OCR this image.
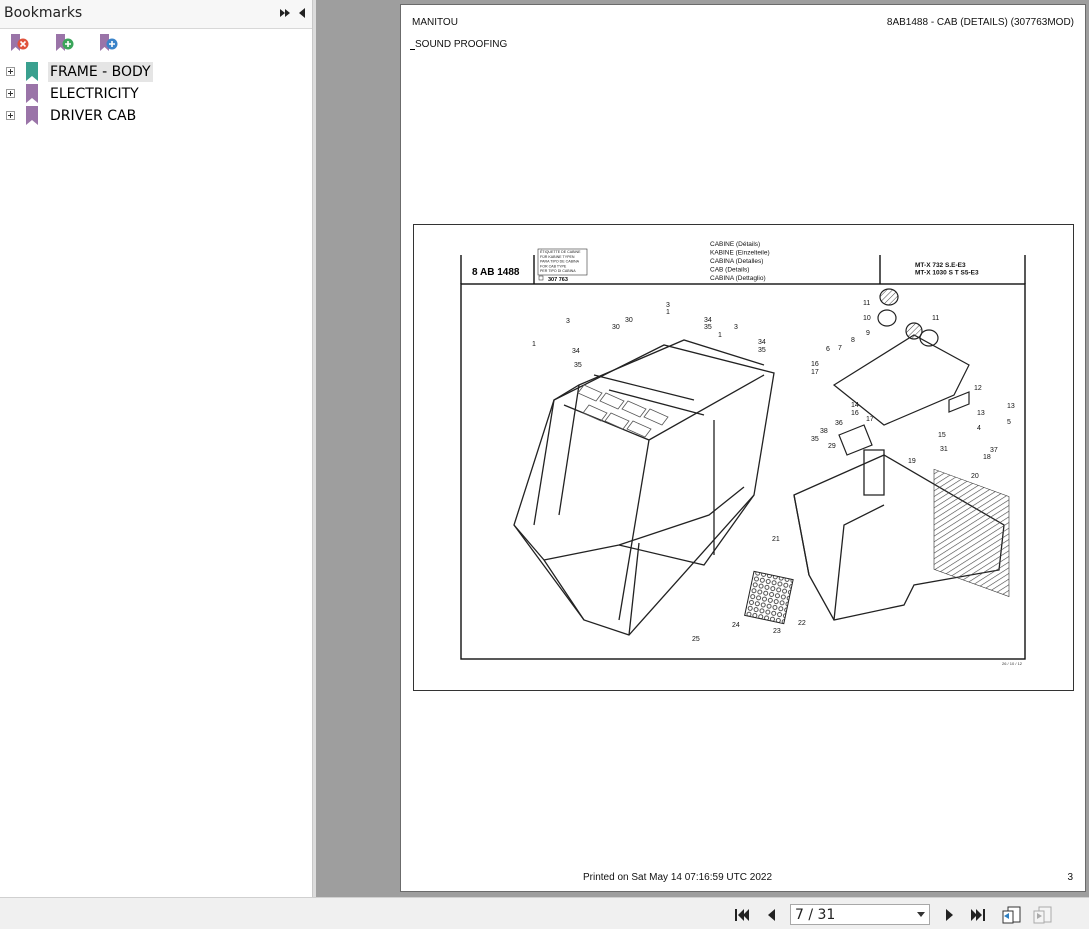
Bookmarks
FRAME - BODY
ELECTRICITY
DRIVER CAB
MANITOU	8AB1488 - CAB (DETAILS) (307763MOD)
SOUND PROOFING
8 AB 1488
ÉTIQUETTE DE CABINE
FÜR KABINE TYPEN
PARA TIPO DE CABINA
FOR CAB TYPE
PER TIPO DI CABINA
307 763
CABINE (Détails)
KABINE (Einzelteile)
CABINA (Detalles)
CAB (Details)
CABINA (Dettaglio)
MT-X 732 S.E-E3
MT-X 1030 S T S5-E3
26 / 10 / 12
1
3
34
35
30
30
3
1
34
35	3
1
34
35
11
10	11
9
8
7
6
16
17
12
14
16
17
13
13
5
4
37
36
38
35
29
15
31
18
19
20
21
22
23
24
25
Printed on Sat May 14 07:16:59 UTC 2022	3
7 / 31
